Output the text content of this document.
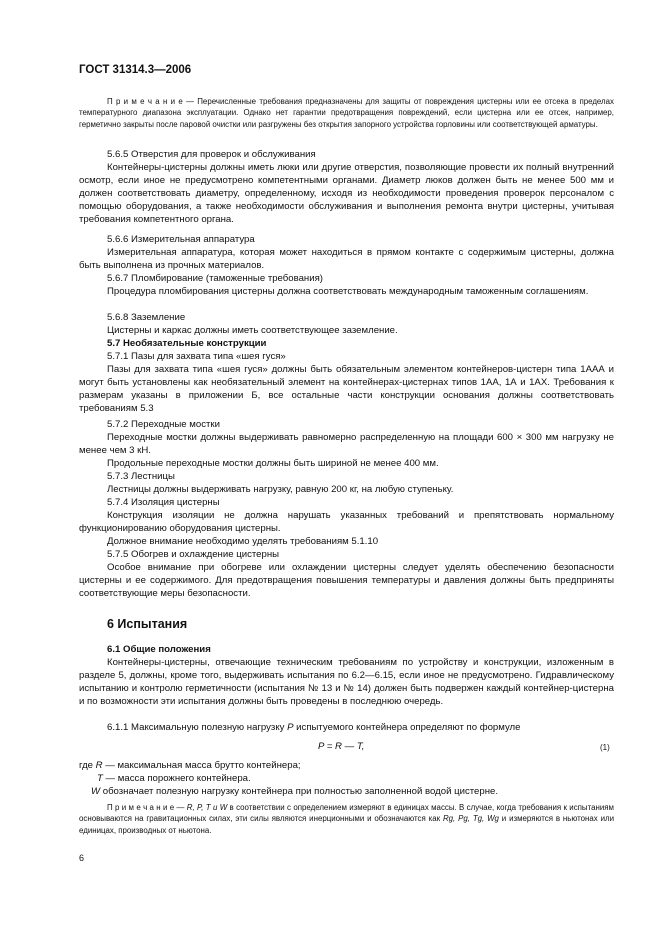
ГОСТ 31314.3—2006

П р и м е ч а н и е — Перечисленные требования предназначены для защиты от повреждения цистерны или ее отсека в пределах температурного диапазона эксплуатации. Однако нет гарантии предотвращения повреждений, если цистерна или ее отсек, например, герметично закрыты после паровой очистки или разгружены без открытия запорного устройства горловины или соответствующей арматуры.

5.6.5 Отверстия для проверок и обслуживания

Контейнеры-цистерны должны иметь люки или другие отверстия, позволяющие провести их полный внутренний осмотр, если иное не предусмотрено компетентными органами. Диаметр люков должен быть не менее 500 мм и должен соответствовать диаметру, определенному, исходя из необходимости проведения проверок персоналом с помощью оборудования, а также необходимости обслуживания и выполнения ремонта внутри цистерны, учитывая требования компетентного органа.

5.6.6 Измерительная аппаратура

Измерительная аппаратура, которая может находиться в прямом контакте с содержимым цистерны, должна быть выполнена из прочных материалов.

5.6.7 Пломбирование (таможенные требования)

Процедура пломбирования цистерны должна соответствовать международным таможенным соглашениям.

5.6.8 Заземление

Цистерны и каркас должны иметь соответствующее заземление.

5.7 Необязательные конструкции

5.7.1 Пазы для захвата типа «шея гуся»

Пазы для захвата типа «шея гуся» должны быть обязательным элементом контейнеров-цистерн типа 1ААА и могут быть установлены как необязательный элемент на контейнерах-цистернах типов 1АА, 1А и 1АХ. Требования к размерам указаны в приложении Б, все остальные части конструкции основания должны соответствовать требованиям 5.3

5.7.2 Переходные мостки

Переходные мостки должны выдерживать равномерно распределенную на площади 600 × 300 мм нагрузку не менее чем 3 кН.

Продольные переходные мостки должны быть шириной не менее 400 мм.

5.7.3 Лестницы

Лестницы должны выдерживать нагрузку, равную 200 кг, на любую ступеньку.

5.7.4 Изоляция цистерны

Конструкция изоляции не должна нарушать указанных требований и препятствовать нормальному функционированию оборудования цистерны.

Должное внимание необходимо уделять требованиям 5.1.10

5.7.5 Обогрев и охлаждение цистерны

Особое внимание при обогреве или охлаждении цистерны следует уделять обеспечению безопасности цистерны и ее содержимого. Для предотвращения повышения температуры и давления должны быть предприняты соответствующие меры безопасности.

6 Испытания

6.1 Общие положения

Контейнеры-цистерны, отвечающие техническим требованиям по устройству и конструкции, изложенным в разделе 5, должны, кроме того, выдерживать испытания по 6.2—6.15, если иное не предусмотрено. Гидравлическому испытанию и контролю герметичности (испытания № 13 и № 14) должен быть подвержен каждый контейнер-цистерна и по возможности эти испытания должны быть проведены в последнюю очередь.

6.1.1 Максимальную полезную нагрузку P испытуемого контейнера определяют по формуле

P = R — T,	(1)

где R — максимальная масса брутто контейнера;

T — масса порожнего контейнера.

W обозначает полезную нагрузку контейнера при полностью заполненной водой цистерне.

П р и м е ч а н и е — R, P, T и W в соответствии с определением измеряют в единицах массы. В случае, когда требования к испытаниям основываются на гравитационных силах, эти силы являются инерционными и обозначаются как Rg, Pg, Tg, Wg и измеряются в ньютонах или единицах, производных от ньютона.

6
